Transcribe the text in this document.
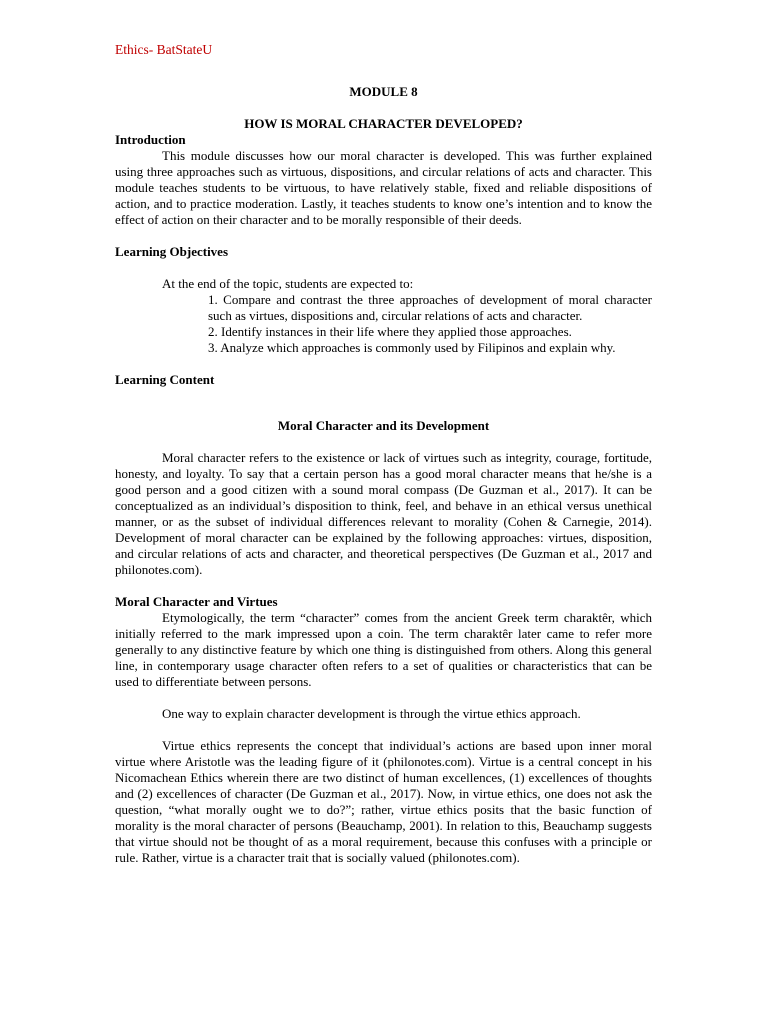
Ethics- BatStateU
MODULE 8
HOW IS MORAL CHARACTER DEVELOPED?
Introduction

This module discusses how our moral character is developed. This was further explained using three approaches such as virtuous, dispositions, and circular relations of acts and character. This module teaches students to be virtuous, to have relatively stable, fixed and reliable dispositions of action, and to practice moderation. Lastly, it teaches students to know one’s intention and to know the effect of action on their character and to be morally responsible of their deeds.

Learning Objectives

At the end of the topic, students are expected to:

1. Compare and contrast the three approaches of development of moral character such as virtues, dispositions and, circular relations of acts and character.

2. Identify instances in their life where they applied those approaches.

3. Analyze which approaches is commonly used by Filipinos and explain why.

Learning Content
Moral Character and its Development

Moral character refers to the existence or lack of virtues such as integrity, courage, fortitude, honesty, and loyalty. To say that a certain person has a good moral character means that he/she is a good person and a good citizen with a sound moral compass (De Guzman et al., 2017). It can be conceptualized as an individual’s disposition to think, feel, and behave in an ethical versus unethical manner, or as the subset of individual differences relevant to morality (Cohen & Carnegie, 2014). Development of moral character can be explained by the following approaches: virtues, disposition, and circular relations of acts and character, and theoretical perspectives (De Guzman et al., 2017 and philonotes.com).

Moral Character and Virtues

Etymologically, the term “character” comes from the ancient Greek term charaktêr, which initially referred to the mark impressed upon a coin. The term charaktêr later came to refer more generally to any distinctive feature by which one thing is distinguished from others. Along this general line, in contemporary usage character often refers to a set of qualities or characteristics that can be used to differentiate between persons.

One way to explain character development is through the virtue ethics approach.

Virtue ethics represents the concept that individual’s actions are based upon inner moral virtue where Aristotle was the leading figure of it (philonotes.com). Virtue is a central concept in his Nicomachean Ethics wherein there are two distinct of human excellences, (1) excellences of thoughts and (2) excellences of character (De Guzman et al., 2017). Now, in virtue ethics, one does not ask the question, “what morally ought we to do?”; rather, virtue ethics posits that the basic function of morality is the moral character of persons (Beauchamp, 2001). In relation to this, Beauchamp suggests that virtue should not be thought of as a moral requirement, because this confuses with a principle or rule. Rather, virtue is a character trait that is socially valued (philonotes.com).
